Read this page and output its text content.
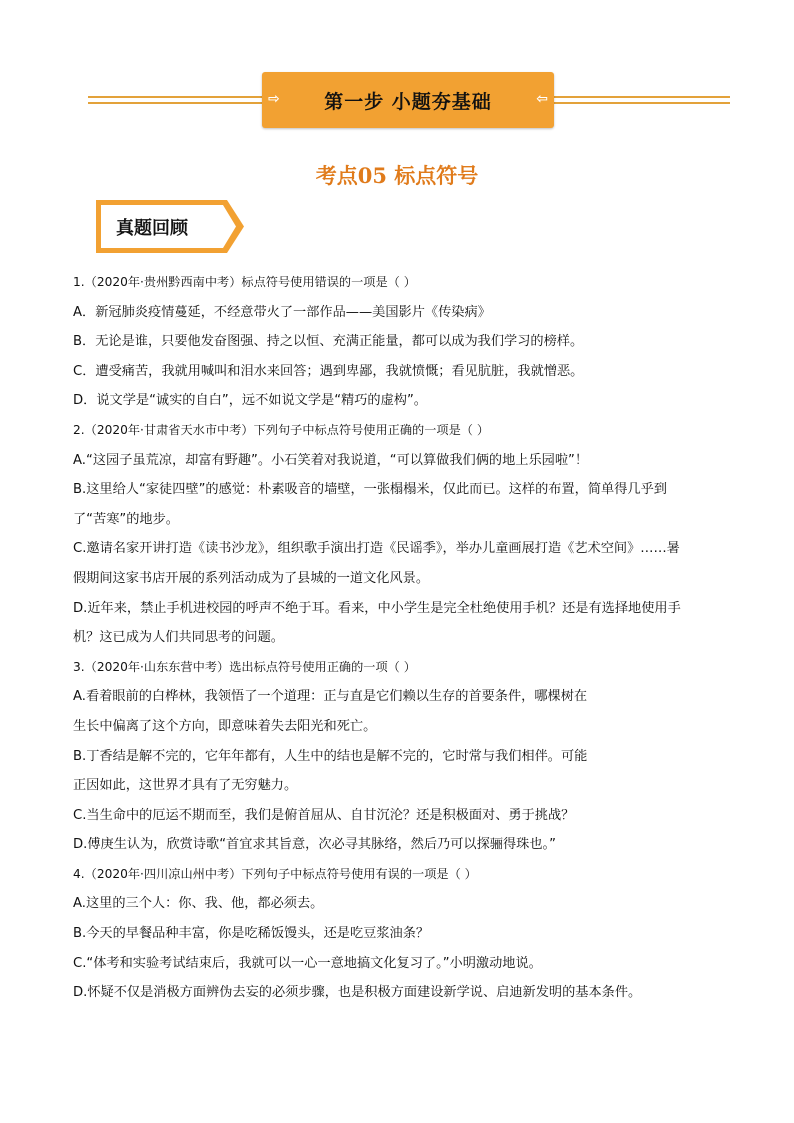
⇨	第一步 小题夯基础	⇦
考点05 标点符号
真题回顾
1.（2020年·贵州黔西南中考）标点符号使用错误的一项是（ ）
A．新冠肺炎疫情蔓延，不经意带火了一部作品——美国影片《传染病》
B．无论是谁，只要他发奋图强、持之以恒、充满正能量，都可以成为我们学习的榜样。
C．遭受痛苦，我就用喊叫和泪水来回答；遇到卑鄙，我就愤慨；看见肮脏，我就憎恶。
D．说文学是“诚实的自白”，远不如说文学是“精巧的虚构”。
2.（2020年·甘肃省天水市中考）下列句子中标点符号使用正确的一项是（ ）
A.“这园子虽荒凉，却富有野趣”。小石笑着对我说道，“可以算做我们俩的地上乐园啦”！
B.这里给人“家徒四壁”的感觉：朴素吸音的墙壁，一张榻榻米，仅此而已。这样的布置，简单得几乎到
了“苦寒”的地步。
C.邀请名家开讲打造《读书沙龙》，组织歌手演出打造《民谣季》，举办儿童画展打造《艺术空间》……暑
假期间这家书店开展的系列活动成为了县城的一道文化风景。
D.近年来，禁止手机进校园的呼声不绝于耳。看来，中小学生是完全杜绝使用手机？还是有选择地使用手
机？这已成为人们共同思考的问题。
3.（2020年·山东东营中考）选出标点符号使用正确的一项（ ）
A.看着眼前的白桦林，我领悟了一个道理：正与直是它们赖以生存的首要条件，哪棵树在
生长中偏离了这个方向，即意味着失去阳光和死亡。
B.丁香结是解不完的，它年年都有，人生中的结也是解不完的，它时常与我们相伴。可能
正因如此，这世界才具有了无穷魅力。
C.当生命中的厄运不期而至，我们是俯首屈从、自甘沉沦？还是积极面对、勇于挑战？
D.傅庚生认为，欣赏诗歌“首宜求其旨意，次必寻其脉络，然后乃可以探骊得珠也。”
4.（2020年·四川凉山州中考）下列句子中标点符号使用有误的一项是（ ）
A.这里的三个人：你、我、他，都必须去。
B.今天的早餐品种丰富，你是吃稀饭馒头，还是吃豆浆油条？
C.“体考和实验考试结束后，我就可以一心一意地搞文化复习了。”小明激动地说。
D.怀疑不仅是消极方面辨伪去妄的必须步骤，也是积极方面建设新学说、启迪新发明的基本条件。
